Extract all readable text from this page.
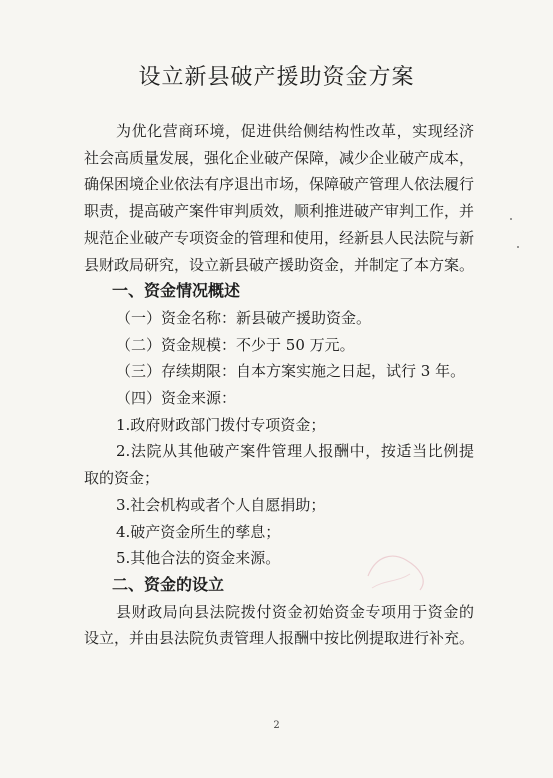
设立新县破产援助资金方案

为优化营商环境，促进供给侧结构性改革，实现经济社会高质量发展，强化企业破产保障，减少企业破产成本，确保困境企业依法有序退出市场，保障破产管理人依法履行职责，提高破产案件审判质效，顺利推进破产审判工作，并规范企业破产专项资金的管理和使用，经新县人民法院与新县财政局研究，设立新县破产援助资金，并制定了本方案。

一、资金情况概述

（一）资金名称：新县破产援助资金。

（二）资金规模：不少于 50 万元。

（三）存续期限：自本方案实施之日起，试行 3 年。

（四）资金来源：

1.政府财政部门拨付专项资金；

2.法院从其他破产案件管理人报酬中，按适当比例提取的资金；

3.社会机构或者个人自愿捐助；

4.破产资金所生的孳息；

5.其他合法的资金来源。

二、资金的设立

县财政局向县法院拨付资金初始资金专项用于资金的设立，并由县法院负责管理人报酬中按比例提取进行补充。

2
